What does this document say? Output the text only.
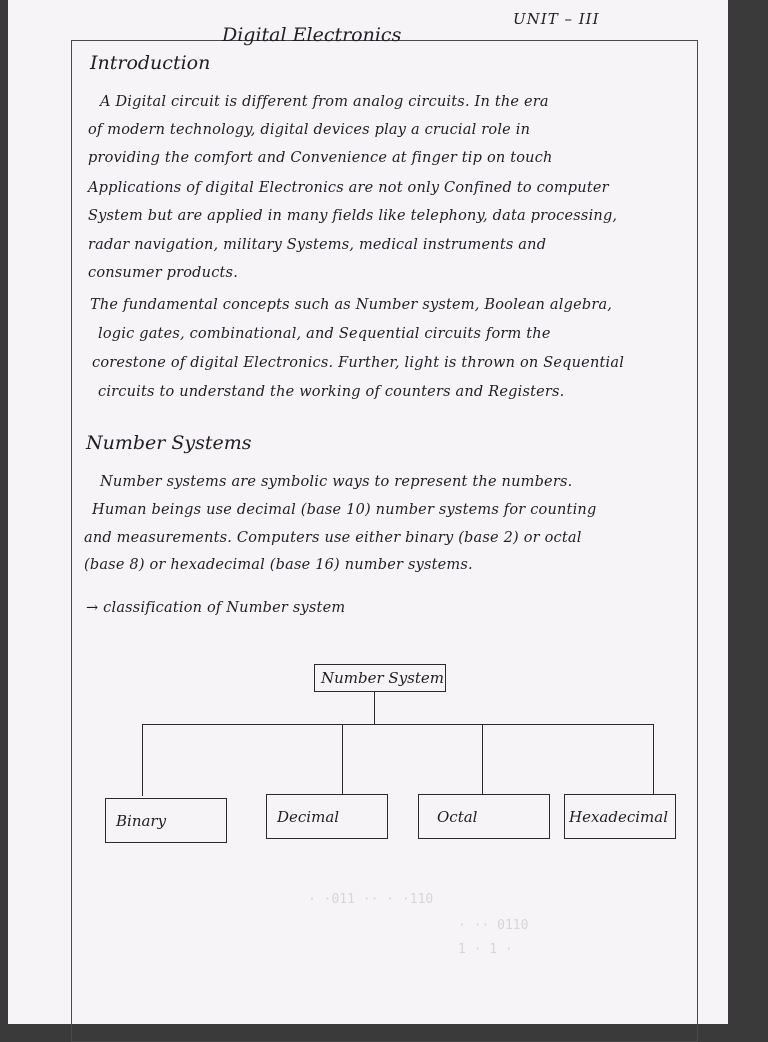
Digital Electronics
UNIT – III
Introduction
A Digital circuit is different from analog circuits. In the era
of modern technology, digital devices play a crucial role in
providing the comfort and Convenience at finger tip on touch
Applications of digital Electronics are not only Confined to computer
System but are applied in many fields like telephony, data processing,
radar navigation, military Systems, medical instruments and
consumer products.
The fundamental concepts such as Number system, Boolean algebra,
logic gates, combinational, and Sequential circuits form the
corestone of digital Electronics. Further, light is thrown on Sequential
circuits to understand the working of counters and Registers.
Number Systems
Number systems are symbolic ways to represent the numbers.
Human beings use decimal (base 10) number systems for counting
and measurements. Computers use either binary (base 2) or octal
(base 8) or hexadecimal (base 16) number systems.
→ classification of Number system
Number System
Binary	Decimal	Octal	Hexadecimal
· ·011 ·· · ·110
· ·· 0110
1 · 1 ·
